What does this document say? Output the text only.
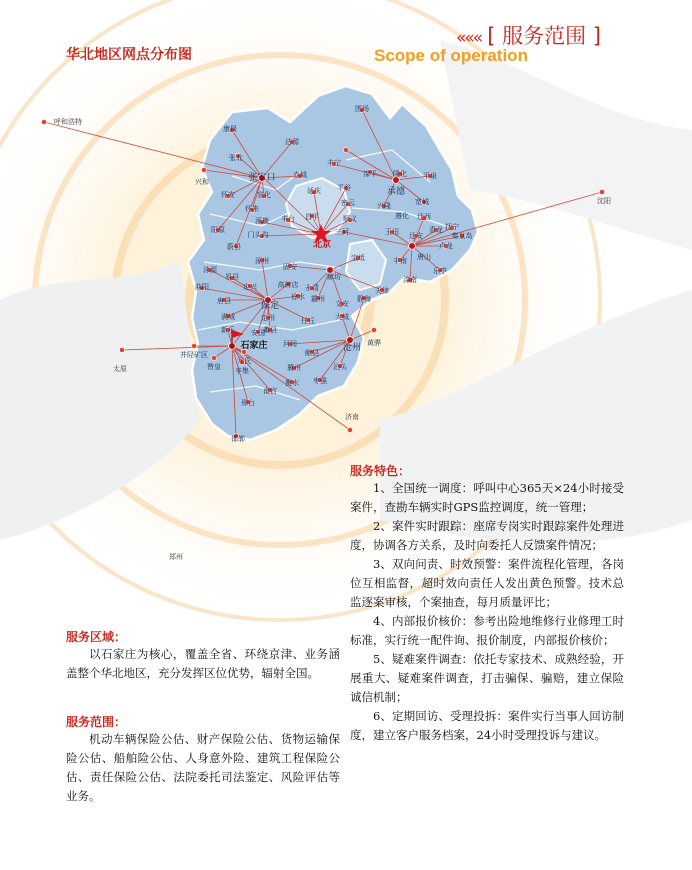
呼和浩特
兴和
张北
康保
沽源
张家口 赤城
宣化
怀安
怀来
蔚县
阳原
延庆
涿鹿
北京
门头沟
丰台 昌平
平谷
三河
顺义
密云	兴隆
承德
平泉
丰宁
围场
滦平 隆化
宽城
青龙
遵化 迁西
迁安
卢龙
秦皇岛
抚宁
唐山
乐亭
玉田
丰南
滦南
天津
宝坻
廊坊
固安
永清
霸州
涿州
易县
涞源
保定
高碑店
定兴
徐水
满城
唐县
曲阳
定州
新乐 安国
蠡县
河间
任丘
文安
大城
静海
沧州 黄骅
泊头
献县
衡水
冀州
枣强
南宫
邢台
邯郸
元氏
赞皇 辛集
井陉矿区
太原
沈阳
济南
郑州
石家庄
华北地区网点分布图
««« [ 服务范围 ]
Scope of operation
服务区域：

以石家庄为核心，覆盖全省、环绕京津、业务涵盖整个华北地区，充分发挥区位优势，辐射全国。

服务范围：

机动车辆保险公估、财产保险公估、货物运输保险公估、船舶险公估、人身意外险、建筑工程保险公估、责任保险公估、法院委托司法鉴定、风险评估等业务。

服务特色：

1、全国统一调度：呼叫中心365天×24小时接受案件，查勘车辆实时GPS监控调度，统一管理；

2、案件实时跟踪：座席专岗实时跟踪案件处理进度，协调各方关系，及时向委托人反馈案件情况；

3、双向问责、时效预警：案件流程化管理，各岗位互相监督，超时效向责任人发出黄色预警。技术总监逐案审核，个案抽查，每月质量评比；

4、内部报价核价：参考出险地维修行业修理工时标准，实行统一配件询、报价制度，内部报价核价；

5、疑难案件调查：依托专家技术、成熟经验，开展重大、疑难案件调查，打击骗保、骗赔，建立保险诚信机制；

6、定期回访、受理投拆：案件实行当事人回访制度，建立客户服务档案，24小时受理投诉与建议。
